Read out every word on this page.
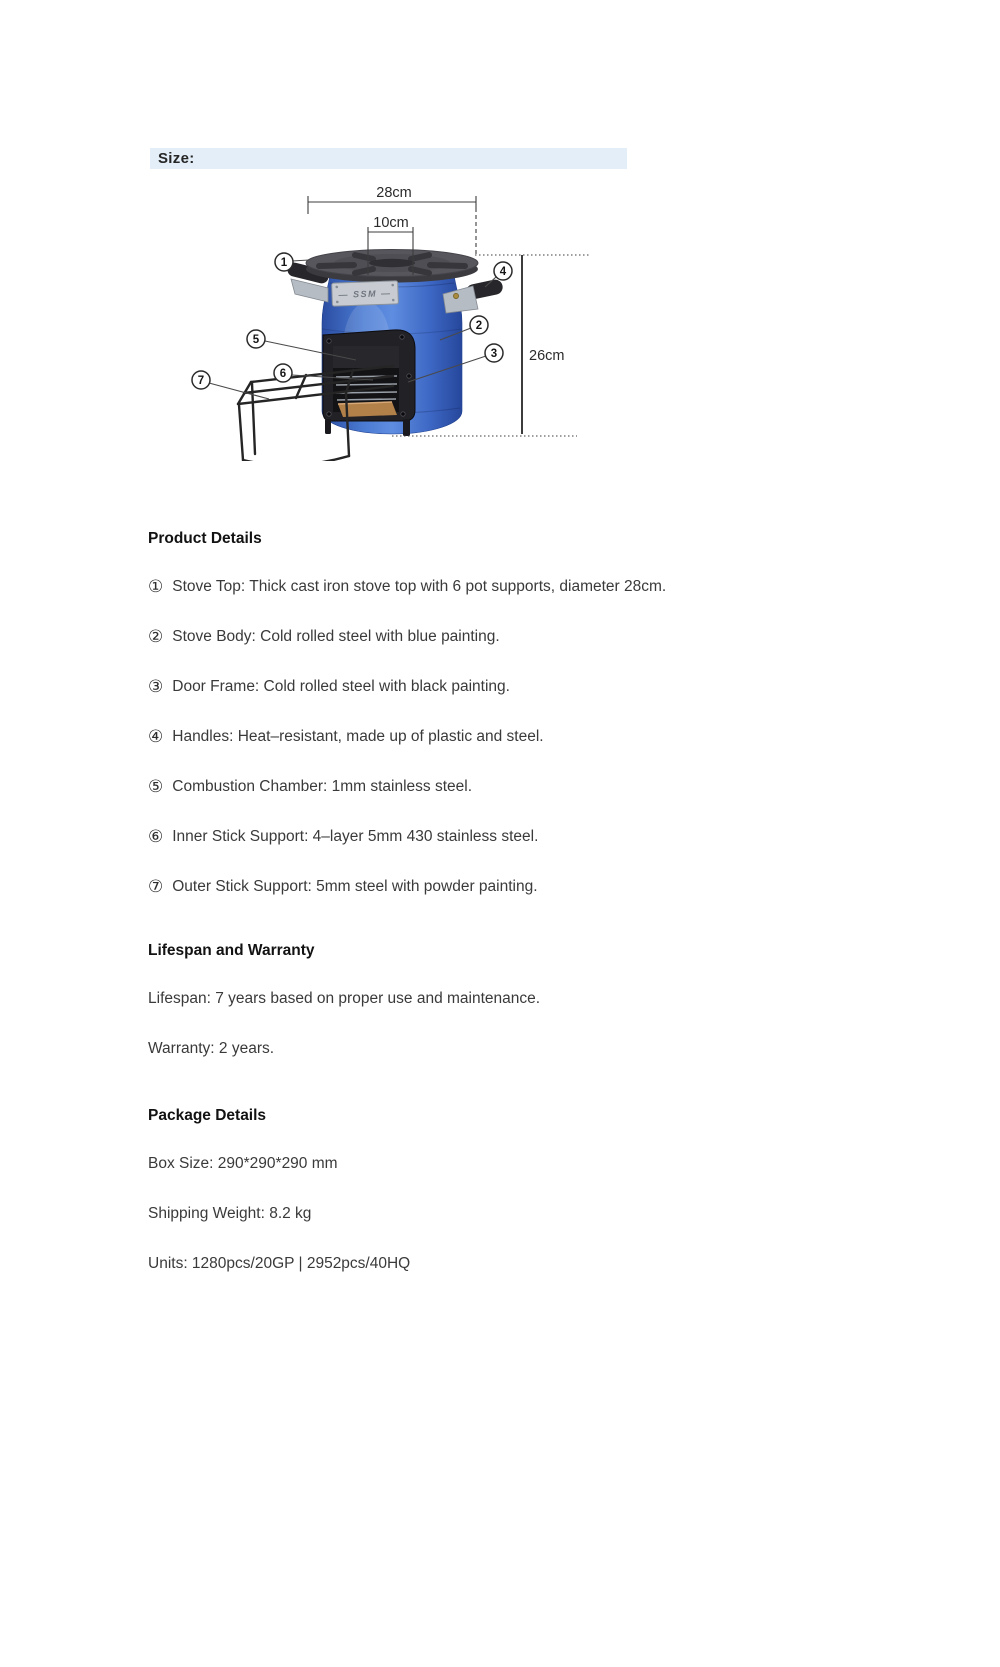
Size:
— SSM —
28cm
10cm
26cm
1
4
2
3
5
6
7
Product Details
① Stove Top: Thick cast iron stove top with 6 pot supports, diameter 28cm.
② Stove Body: Cold rolled steel with blue painting.
③ Door Frame: Cold rolled steel with black painting.
④ Handles: Heat–resistant, made up of plastic and steel.
⑤ Combustion Chamber: 1mm stainless steel.
⑥ Inner Stick Support: 4–layer 5mm 430 stainless steel.
⑦ Outer Stick Support: 5mm steel with powder painting.
Lifespan and Warranty

Lifespan: 7 years based on proper use and maintenance.

Warranty: 2 years.

Package Details

Box Size: 290*290*290 mm

Shipping Weight: 8.2 kg

Units: 1280pcs/20GP | 2952pcs/40HQ
